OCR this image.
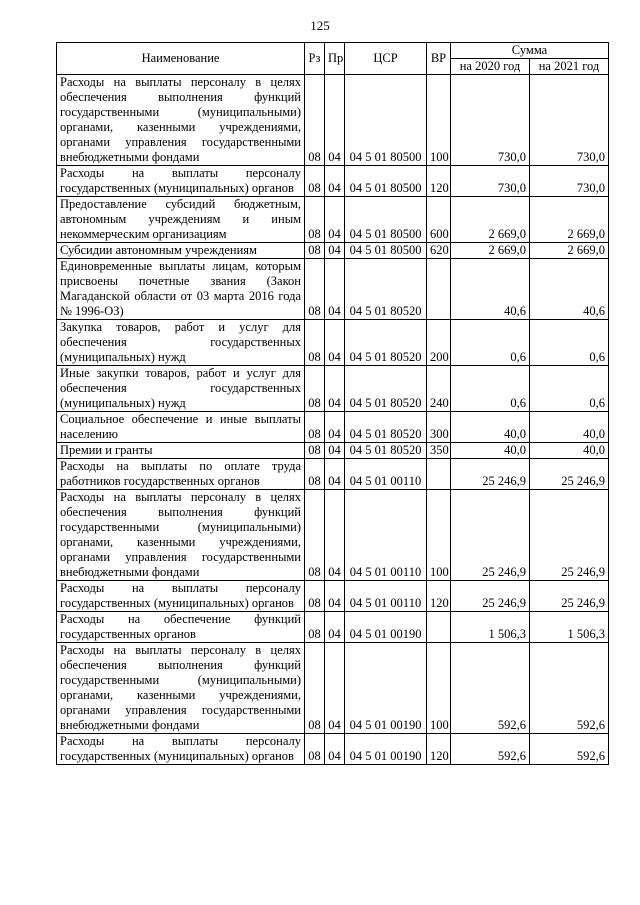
125
Наименование	Рз	Пр	ЦСР	ВР	Сумма	
					на 2020 год	на 2021 год
Расходы на выплаты персоналу в целях обеспечения выполнения функций государственными (муниципальными) органами, казенными учреждениями, органами управления государственными внебюджетными фондами	08	04	04 5 01 80500	100	730,0	730,0
Расходы на выплаты персоналу государственных (муниципальных) органов	08	04	04 5 01 80500	120	730,0	730,0
Предоставление субсидий бюджетным, автономным учреждениям и иным некоммерческим организациям	08	04	04 5 01 80500	600	2 669,0	2 669,0
Субсидии автономным учреждениям	08	04	04 5 01 80500	620	2 669,0	2 669,0
Единовременные выплаты лицам, которым присвоены почетные звания (Закон Магаданской области от 03 марта 2016 года № 1996-ОЗ)	08	04	04 5 01 80520		40,6	40,6
Закупка товаров, работ и услуг для обеспечения государственных (муниципальных) нужд	08	04	04 5 01 80520	200	0,6	0,6
Иные закупки товаров, работ и услуг для обеспечения государственных (муниципальных) нужд	08	04	04 5 01 80520	240	0,6	0,6
Социальное обеспечение и иные выплаты населению	08	04	04 5 01 80520	300	40,0	40,0
Премии и гранты	08	04	04 5 01 80520	350	40,0	40,0
Расходы на выплаты по оплате труда работников государственных органов	08	04	04 5 01 00110		25 246,9	25 246,9
Расходы на выплаты персоналу в целях обеспечения выполнения функций государственными (муниципальными) органами, казенными учреждениями, органами управления государственными внебюджетными фондами	08	04	04 5 01 00110	100	25 246,9	25 246,9
Расходы на выплаты персоналу государственных (муниципальных) органов	08	04	04 5 01 00110	120	25 246,9	25 246,9
Расходы на обеспечение функций государственных органов	08	04	04 5 01 00190		1 506,3	1 506,3
Расходы на выплаты персоналу в целях обеспечения выполнения функций государственными (муниципальными) органами, казенными учреждениями, органами управления государственными внебюджетными фондами	08	04	04 5 01 00190	100	592,6	592,6
Расходы на выплаты персоналу государственных (муниципальных) органов	08	04	04 5 01 00190	120	592,6	592,6
